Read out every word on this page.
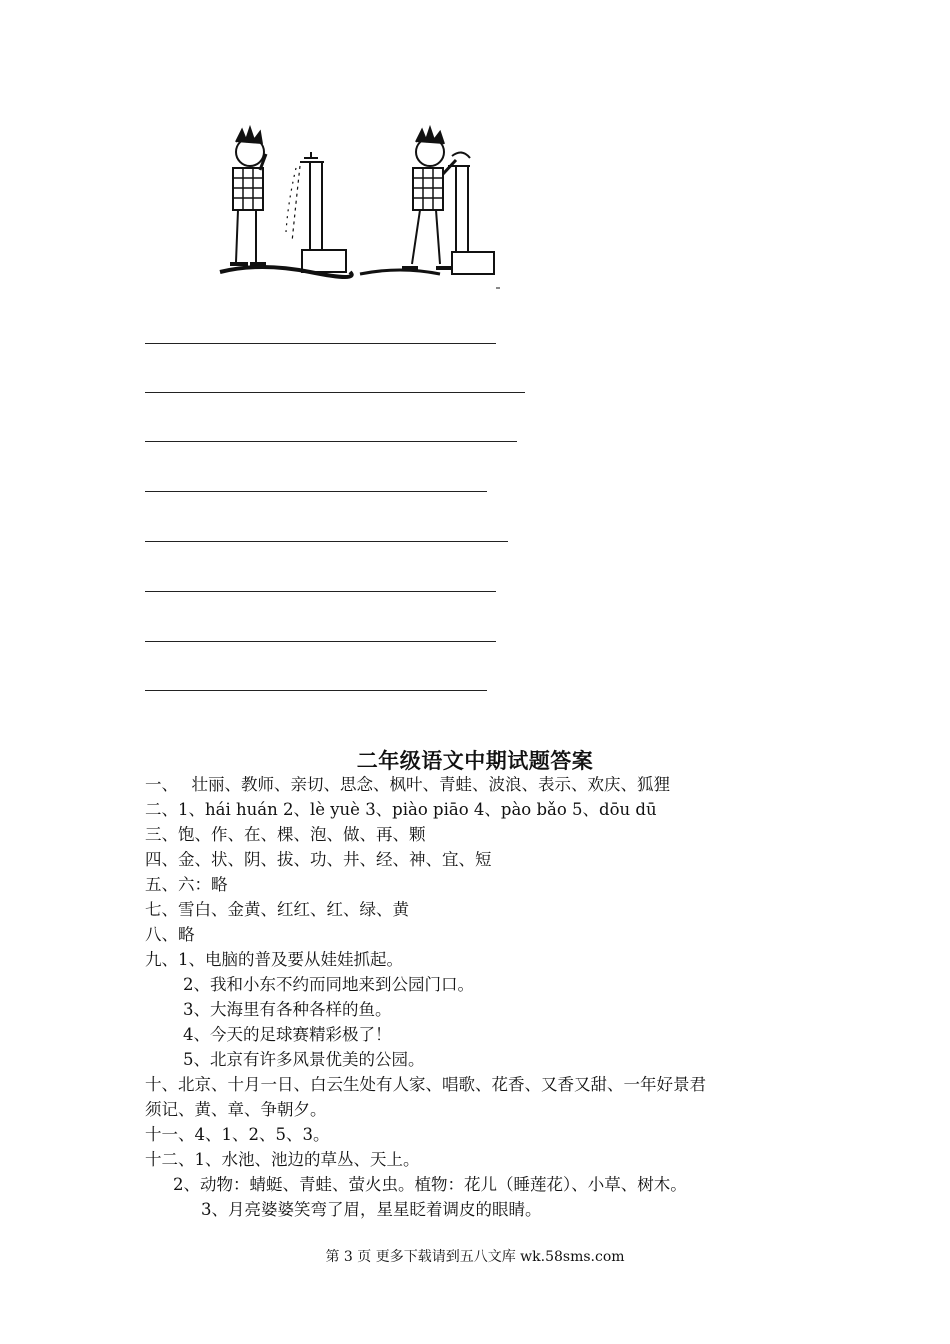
二年级语文中期试题答案
一、　 壮丽、教师、亲切、思念、枫叶、青蛙、波浪、表示、欢庆、狐狸
二、1、hái huán 2、lè yuè 3、piào piāo 4、pào bǎo 5、dōu dū
三、饱、作、在、棵、泡、做、再、颗
四、金、状、阴、拔、功、井、经、神、宜、短
五、六：略
七、雪白、金黄、红红、红、绿、黄
八、略
九、1、电脑的普及要从娃娃抓起。
2、我和小东不约而同地来到公园门口。
3、大海里有各种各样的鱼。
4、今天的足球赛精彩极了！
5、北京有许多风景优美的公园。
十、北京、十月一日、白云生处有人家、唱歌、花香、又香又甜、一年好景君
须记、黄、章、争朝夕。
十一、4、1、2、5、3。
十二、1、水池、池边的草丛、天上。
2、动物：蜻蜓、青蛙、萤火虫。植物：花儿（睡莲花）、小草、树木。
3、月亮婆婆笑弯了眉，星星眨着调皮的眼睛。
第 3 页 更多下载请到五八文库 wk.58sms.com
